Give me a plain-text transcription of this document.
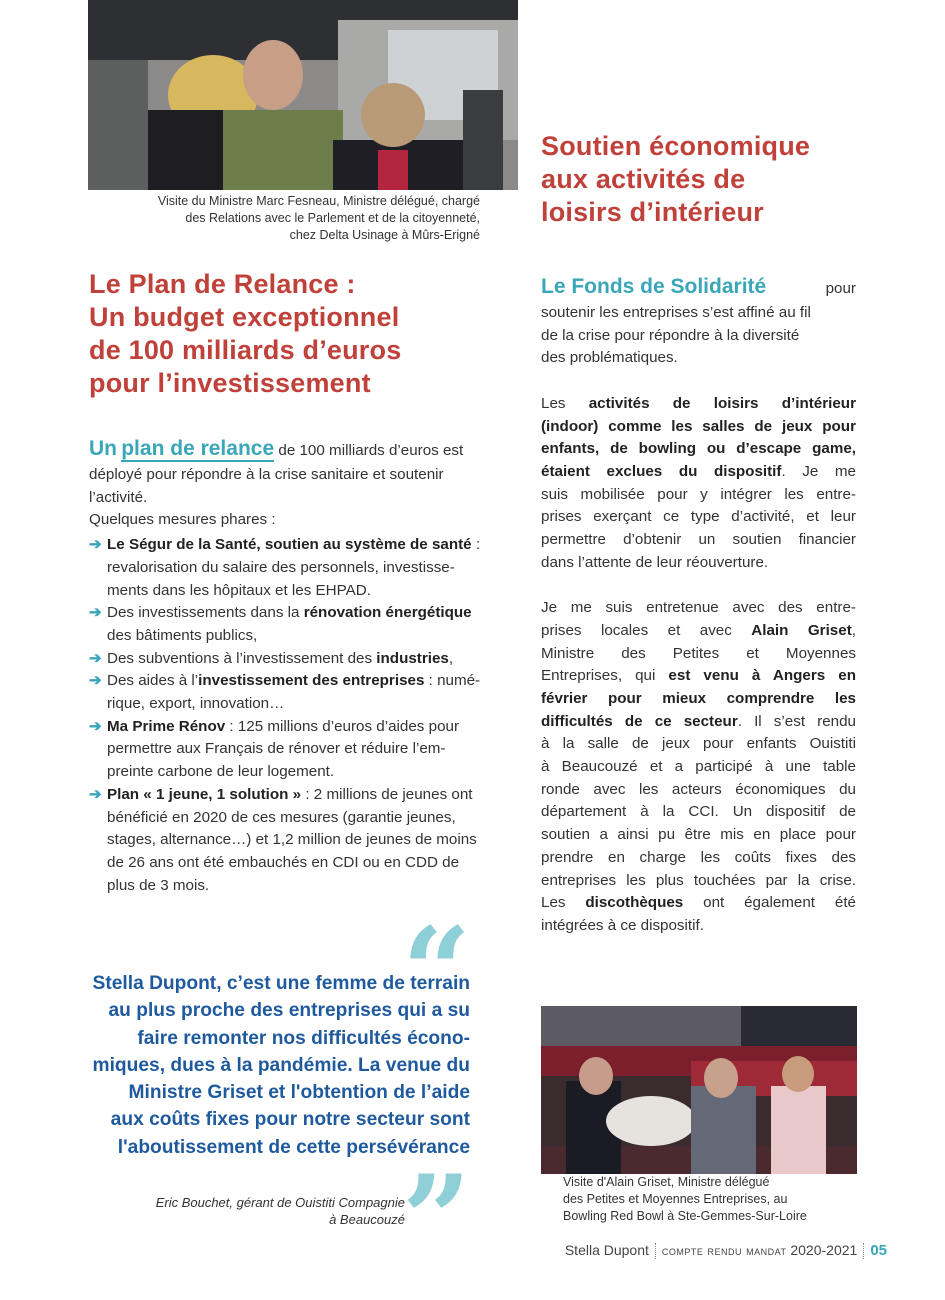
Visite du Ministre Marc Fesneau, Ministre délégué, chargé
des Relations avec le Parlement et de la citoyenneté,
chez Delta Usinage à Mûrs-Erigné
Soutien économique
aux activités de
loisirs d’intérieur
Le Plan de Relance :
Un budget exceptionnel
de 100 milliards d’euros
pour l’investissement
Un plan de relance de 100 milliards d’euros est
déployé pour répondre à la crise sanitaire et soutenir
l’activité.
Quelques mesures phares :
➔ Le Ségur de la Santé, soutien au système de santé :
revalorisation du salaire des personnels, investisse-
ments dans les hôpitaux et les EHPAD.
➔ Des investissements dans la rénovation énergétique
des bâtiments publics,
➔ Des subventions à l’investissement des industries,
➔ Des aides à l’investissement des entreprises : numé-
rique, export, innovation…
➔ Ma Prime Rénov : 125 millions d’euros d’aides pour
permettre aux Français de rénover et réduire l’em-
preinte carbone de leur logement.
➔ Plan « 1 jeune, 1 solution » : 2 millions de jeunes ont
bénéficié en 2020 de ces mesures (garantie jeunes,
stages, alternance…) et 1,2 million de jeunes de moins
de 26 ans ont été embauchés en CDI ou en CDD de
plus de 3 mois.
Le Fonds de Solidarité	pour
soutenir les entreprises s’est affiné au fil
de la crise pour répondre à la diversité
des problématiques.
Les activités de loisirs d’intérieur
(indoor) comme les salles de jeux pour
enfants, de bowling ou d’escape game,
étaient exclues du dispositif. Je me
suis mobilisée pour y intégrer les entre-
prises exerçant ce type d’activité, et leur
permettre d’obtenir un soutien financier
dans l’attente de leur réouverture.
Je me suis entretenue avec des entre-
prises locales et avec Alain Griset,
Ministre des Petites et Moyennes
Entreprises, qui est venu à Angers en
février pour mieux comprendre les
difficultés de ce secteur. Il s’est rendu
à la salle de jeux pour enfants Ouistiti
à Beaucouzé et a participé à une table
ronde avec les acteurs économiques du
département à la CCI. Un dispositif de
soutien a ainsi pu être mis en place pour
prendre en charge les coûts fixes des
entreprises les plus touchées par la crise.
Les discothèques ont également été
intégrées à ce dispositif.
“
Stella Dupont, c’est une femme de terrain
au plus proche des entreprises qui a su
faire remonter nos difficultés écono-
miques, dues à la pandémie. La venue du
Ministre Griset et l'obtention de l’aide
aux coûts fixes pour notre secteur sont
l'aboutissement de cette persévérance
”
Eric Bouchet, gérant de Ouistiti Compagnie
à Beaucouzé
Visite d'Alain Griset, Ministre délégué
des Petites et Moyennes Entreprises, au
Bowling Red Bowl à Ste-Gemmes-Sur-Loire
Stella Dupont compte rendu mandat 2020-2021 05
